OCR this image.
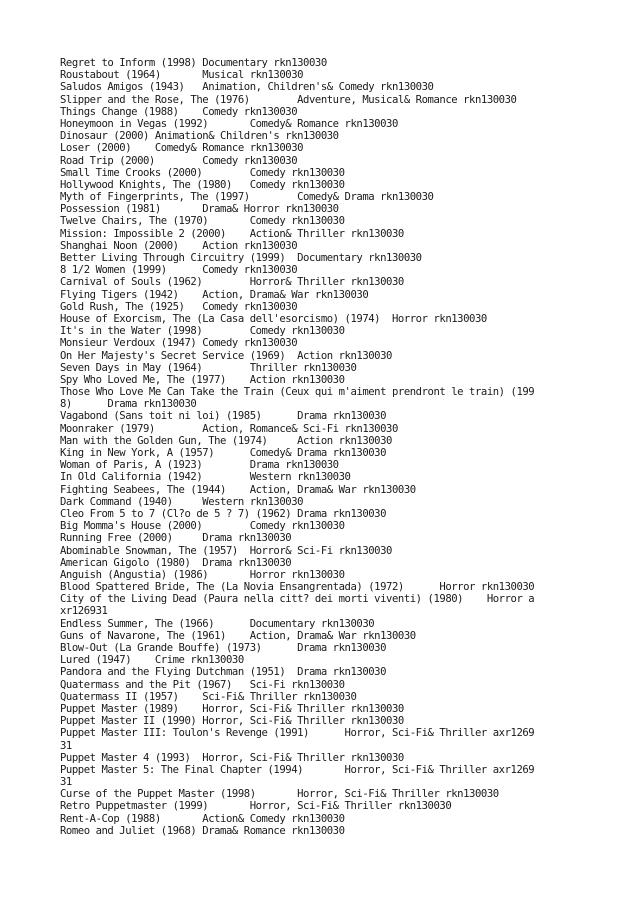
Regret to Inform (1998) Documentary rkn130030
Roustabout (1964)       Musical rkn130030
Saludos Amigos (1943)   Animation, Children's& Comedy rkn130030
Slipper and the Rose, The (1976)        Adventure, Musical& Romance rkn130030
Things Change (1988)    Comedy rkn130030
Honeymoon in Vegas (1992)       Comedy& Romance rkn130030
Dinosaur (2000) Animation& Children's rkn130030
Loser (2000)    Comedy& Romance rkn130030
Road Trip (2000)        Comedy rkn130030
Small Time Crooks (2000)        Comedy rkn130030
Hollywood Knights, The (1980)   Comedy rkn130030
Myth of Fingerprints, The (1997)        Comedy& Drama rkn130030
Possession (1981)       Drama& Horror rkn130030
Twelve Chairs, The (1970)       Comedy rkn130030
Mission: Impossible 2 (2000)    Action& Thriller rkn130030
Shanghai Noon (2000)    Action rkn130030
Better Living Through Circuitry (1999)  Documentary rkn130030
8 1/2 Women (1999)      Comedy rkn130030
Carnival of Souls (1962)        Horror& Thriller rkn130030
Flying Tigers (1942)    Action, Drama& War rkn130030
Gold Rush, The (1925)   Comedy rkn130030
House of Exorcism, The (La Casa dell'esorcismo) (1974)  Horror rkn130030
It's in the Water (1998)        Comedy rkn130030
Monsieur Verdoux (1947) Comedy rkn130030
On Her Majesty's Secret Service (1969)  Action rkn130030
Seven Days in May (1964)        Thriller rkn130030
Spy Who Loved Me, The (1977)    Action rkn130030
Those Who Love Me Can Take the Train (Ceux qui m'aiment prendront le train) (199
8)      Drama rkn130030
Vagabond (Sans toit ni loi) (1985)      Drama rkn130030
Moonraker (1979)        Action, Romance& Sci-Fi rkn130030
Man with the Golden Gun, The (1974)     Action rkn130030
King in New York, A (1957)      Comedy& Drama rkn130030
Woman of Paris, A (1923)        Drama rkn130030
In Old California (1942)        Western rkn130030
Fighting Seabees, The (1944)    Action, Drama& War rkn130030
Dark Command (1940)     Western rkn130030
Cleo From 5 to 7 (Cl?o de 5 ? 7) (1962) Drama rkn130030
Big Momma's House (2000)        Comedy rkn130030
Running Free (2000)     Drama rkn130030
Abominable Snowman, The (1957)  Horror& Sci-Fi rkn130030
American Gigolo (1980)  Drama rkn130030
Anguish (Angustia) (1986)       Horror rkn130030
Blood Spattered Bride, The (La Novia Ensangrentada) (1972)      Horror rkn130030
City of the Living Dead (Paura nella citt? dei morti viventi) (1980)    Horror a
xr126931
Endless Summer, The (1966)      Documentary rkn130030
Guns of Navarone, The (1961)    Action, Drama& War rkn130030
Blow-Out (La Grande Bouffe) (1973)      Drama rkn130030
Lured (1947)    Crime rkn130030
Pandora and the Flying Dutchman (1951)  Drama rkn130030
Quatermass and the Pit (1967)   Sci-Fi rkn130030
Quatermass II (1957)    Sci-Fi& Thriller rkn130030
Puppet Master (1989)    Horror, Sci-Fi& Thriller rkn130030
Puppet Master II (1990) Horror, Sci-Fi& Thriller rkn130030
Puppet Master III: Toulon's Revenge (1991)      Horror, Sci-Fi& Thriller axr1269
31
Puppet Master 4 (1993)  Horror, Sci-Fi& Thriller rkn130030
Puppet Master 5: The Final Chapter (1994)       Horror, Sci-Fi& Thriller axr1269
31
Curse of the Puppet Master (1998)       Horror, Sci-Fi& Thriller rkn130030
Retro Puppetmaster (1999)       Horror, Sci-Fi& Thriller rkn130030
Rent-A-Cop (1988)       Action& Comedy rkn130030
Romeo and Juliet (1968) Drama& Romance rkn130030
